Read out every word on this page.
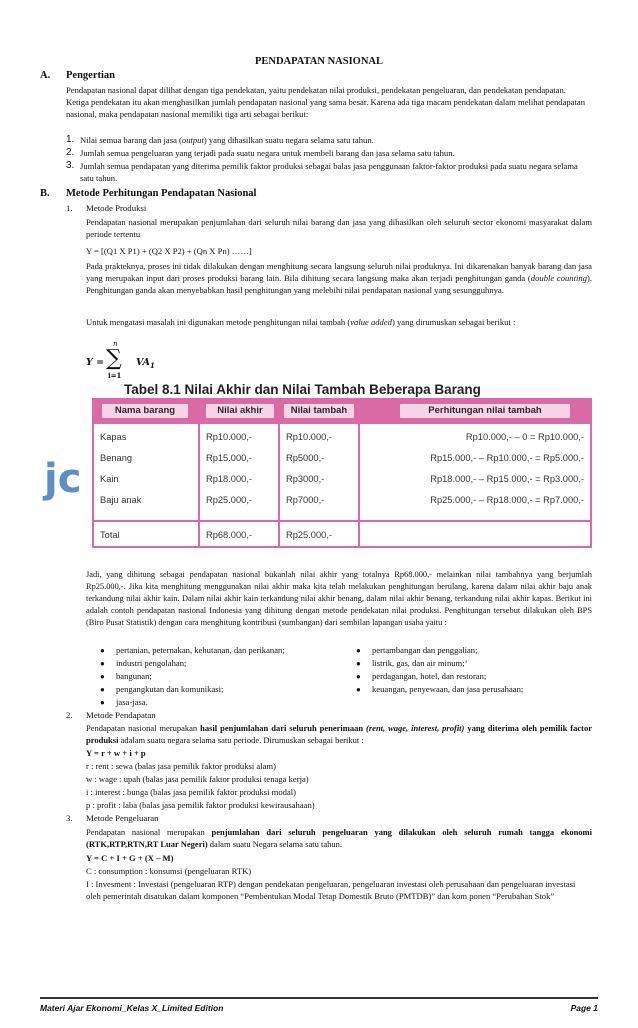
PENDAPATAN NASIONAL
A. Pengertian
Pendapatan nasional dapat dilihat dengan tiga pendekatan, yaitu pendekatan nilai produksi, pendekatan pengeluaran, dan pendekatan pendapatan. Ketiga pendekatan itu akan menghasilkan jumlah pendapatan nasional yang sama besar. Karena ada tiga macam pendekatan dalam melihat pendapatan nasional, maka pendapatan nasional memiliki tiga arti sebagai berikut:
1. Nilai semua barang dan jasa (output) yang dihasilkan suatu negara selama satu tahun.
2. Jumlah semua pengeluaran yang terjadi pada suatu negara untuk membeli barang dan jasa selama satu tahun.
3. Jumlah semua pendapatan yang diterima pemilik faktor produksi sebagai balas jasa penggunaan faktor-faktor produksi pada suatu negara selama satu tahun.
B. Metode Perhitungan Pendapatan Nasional
1. Metode Produksi
Pendapatan nasional merupakan penjumlahan dari seluruh nilai barang dan jasa yang dihasilkan oleh seluruh sector ekonomi masyarakat dalam periode tertentu
Y = [(Q1 X P1) + (Q2 X P2) + (Qn X Pn) ……]
Pada prakteknya, proses ini tidak dilakukan dengan menghitung secara langsung seluruh nilai produknya. Ini dikarenakan banyak barang dan jasa yang merupakan input dari proses produksi barang lain. Bila dihitung secara langsung maka akan terjadi penghitungan ganda (double counting). Penghitungan ganda akan menyebabkan hasil penghitungan yang melebihi nilai pendapatan nasional yang sesungguhnya.
Untuk mengatasi masalah ini digunakan metode penghitungan nilai tambah (value added) yang dirumuskan sebagai berikut :
n
Y = ∑ $VA_1$
i=1
Tabel 8.1 Nilai Akhir dan Nilai Tambah Beberapa Barang
jc
Nama barang	Nilai akhir	Nilai tambah	Perhitungan nilai tambah
Kapas	Rp10.000,-	Rp10.000,-	Rp10.000,- – 0 = Rp10.000,-
Benang	Rp15.000,-	Rp5000,-	Rp15.000,- – Rp10.000,- = Rp5.000,-
Kain	Rp18.000,-	Rp3000,-	Rp18.000,- – Rp15.000,- = Rp3.000,-
Baju anak	Rp25.000,-	Rp7000,-	Rp25.000,- – Rp18.000,- = Rp7.000,-
Total	Rp68.000,-	Rp25.000,-
Jadi, yang dihitung sebagai pendapatan nasional bukanlah nilai akhir yang totalnya Rp68.000,- melainkan nilai tambahnya yang berjumlah Rp25.000,-. Jika kita menghitung menggunakan nilai akhir maka kita telah melakukan penghitungan berulang, karena dalam nilai akhir baju anak terkandung nilai akhir kain. Dalam nilai akhir kain terkandung nilai akhir benang, dalam nilai akhir benang, terkandung nilai akhir kapas. Berikut ini adalah contoh pendapatan nasional Indonesia yang dihitung dengan metode pendekatan nilai produksi. Penghitungan tersebut dilakukan oleh BPS (Biro Pusat Statistik) dengan cara menghitung kontribusi (sumbangan) dari sembilan lapangan usaha yaitu :
●	pertanian, peternakan, kehutanan, dan perikanan;
●	industri pengolahan;
●	bangunan;
●	pengangkutan dan komunikasi;
●	jasa-jasa.
●	pertambangan dan penggalian;
●	listrik, gas, dan air minum;’
●	perdagangan, hotel, dan restoran;
●	keuangan, penyewaan, dan jasa perusahaan;
2. Metode Pendapatan
Pendapatan nasional merupakan hasil penjumlahan dari seluruh penerimaan (rent, wage, interest, profit) yang diterima oleh pemilik factor produksi adalam suatu negara selama satu periode. Dirumuskan sebagai berikut :
Y = r + w + i + p
r : rent : sewa (balas jasa pemilik faktor produksi alam)
w : wage : upah (balas jasa pemilik faktor produksi tenaga kerja)
i : interest : bunga (balas jasa pemilik faktor produksi modal)
p : profit : laba (balas jasa pemilik faktor produksi kewirausahaan)
3. Metode Pengeluaran
Pendapatan nasional merupakan penjumlahan dari seluruh pengeluaran yang dilakukan oleh seluruh rumah tangga ekonomi (RTK,RTP,RTN,RT Luar Negeri) dalam suatu Negara selama satu tahun.
Y = C + I + G + (X – M)
C : consumption : konsumsi (pengeluaran RTK)
I : Invesment : Investasi (pengeluaran RTP) dengan pendekatan pengeluaran, pengeluaran investasi oleh perusahaan dan pengeluaran investasi oleh pemerintah disatukan dalam komponen “Pembentukan Modal Tetap Domestik Bruto (PMTDB)” dan kom ponen “Perubahan Stok”
Materi Ajar Ekonomi_Kelas X_Limited Edition	Page 1
